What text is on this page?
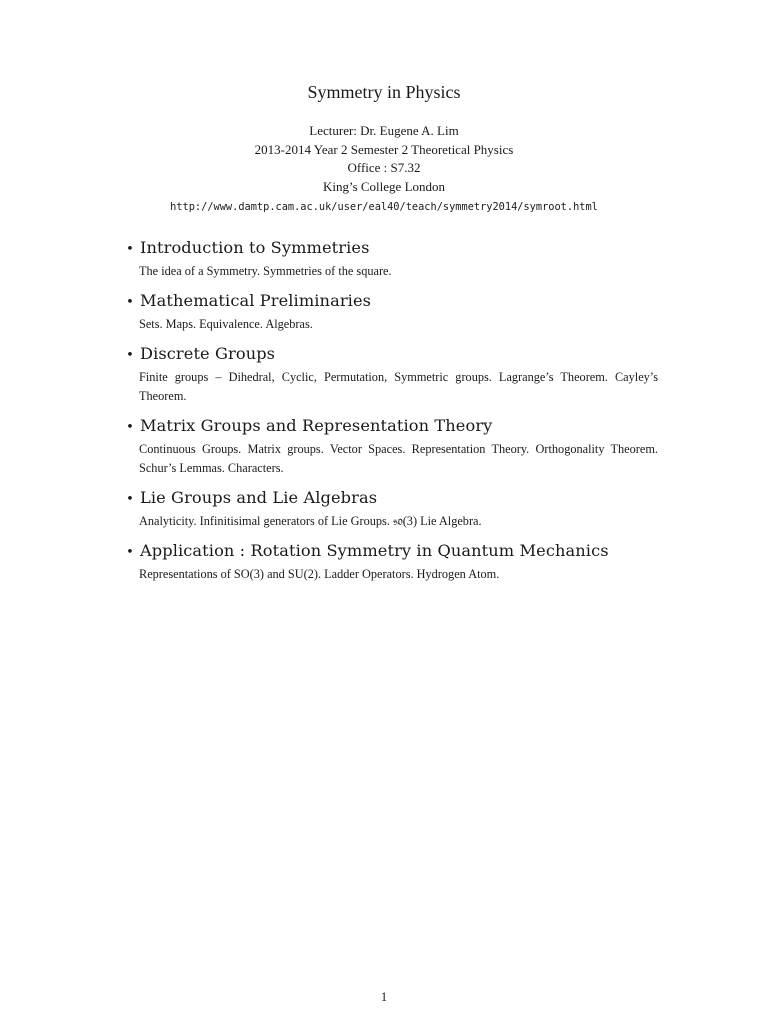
Symmetry in Physics
Lecturer: Dr. Eugene A. Lim
2013-2014 Year 2 Semester 2 Theoretical Physics
Office : S7.32
King’s College London
http://www.damtp.cam.ac.uk/user/eal40/teach/symmetry2014/symroot.html
• Introduction to Symmetries
The idea of a Symmetry. Symmetries of the square.
• Mathematical Preliminaries
Sets. Maps. Equivalence. Algebras.
• Discrete Groups
Finite groups – Dihedral, Cyclic, Permutation, Symmetric groups. Lagrange’s Theorem. Cayley’s Theorem.
• Matrix Groups and Representation Theory
Continuous Groups. Matrix groups. Vector Spaces. Representation Theory. Orthogonality Theorem. Schur’s Lemmas. Characters.
• Lie Groups and Lie Algebras
Analyticity. Infinitisimal generators of Lie Groups. 𝔰𝔬(3) Lie Algebra.
• Application : Rotation Symmetry in Quantum Mechanics
Representations of SO(3) and SU(2). Ladder Operators. Hydrogen Atom.
1
